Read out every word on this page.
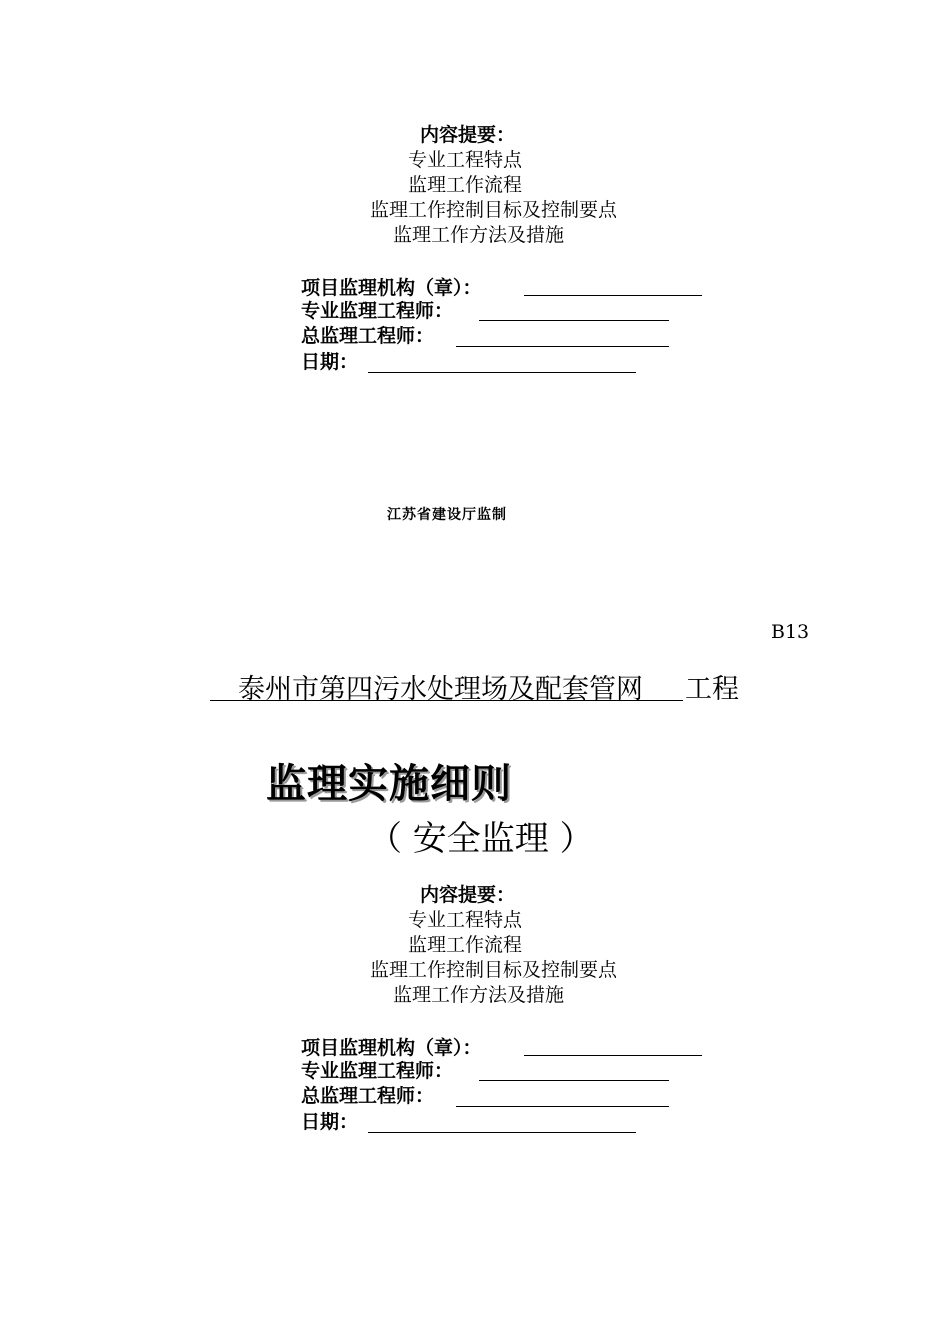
内容提要：
专业工程特点
监理工作流程
监理工作控制目标及控制要点
监理工作方法及措施
项目监理机构（章）：
专业监理工程师：
总监理工程师：
日期：
江苏省建设厅监制
B13
泰州市第四污水处理场及配套管网 工程
监理实施细则
（ 安全监理 ）
内容提要：
专业工程特点
监理工作流程
监理工作控制目标及控制要点
监理工作方法及措施
项目监理机构（章）：
专业监理工程师：
总监理工程师：
日期：
